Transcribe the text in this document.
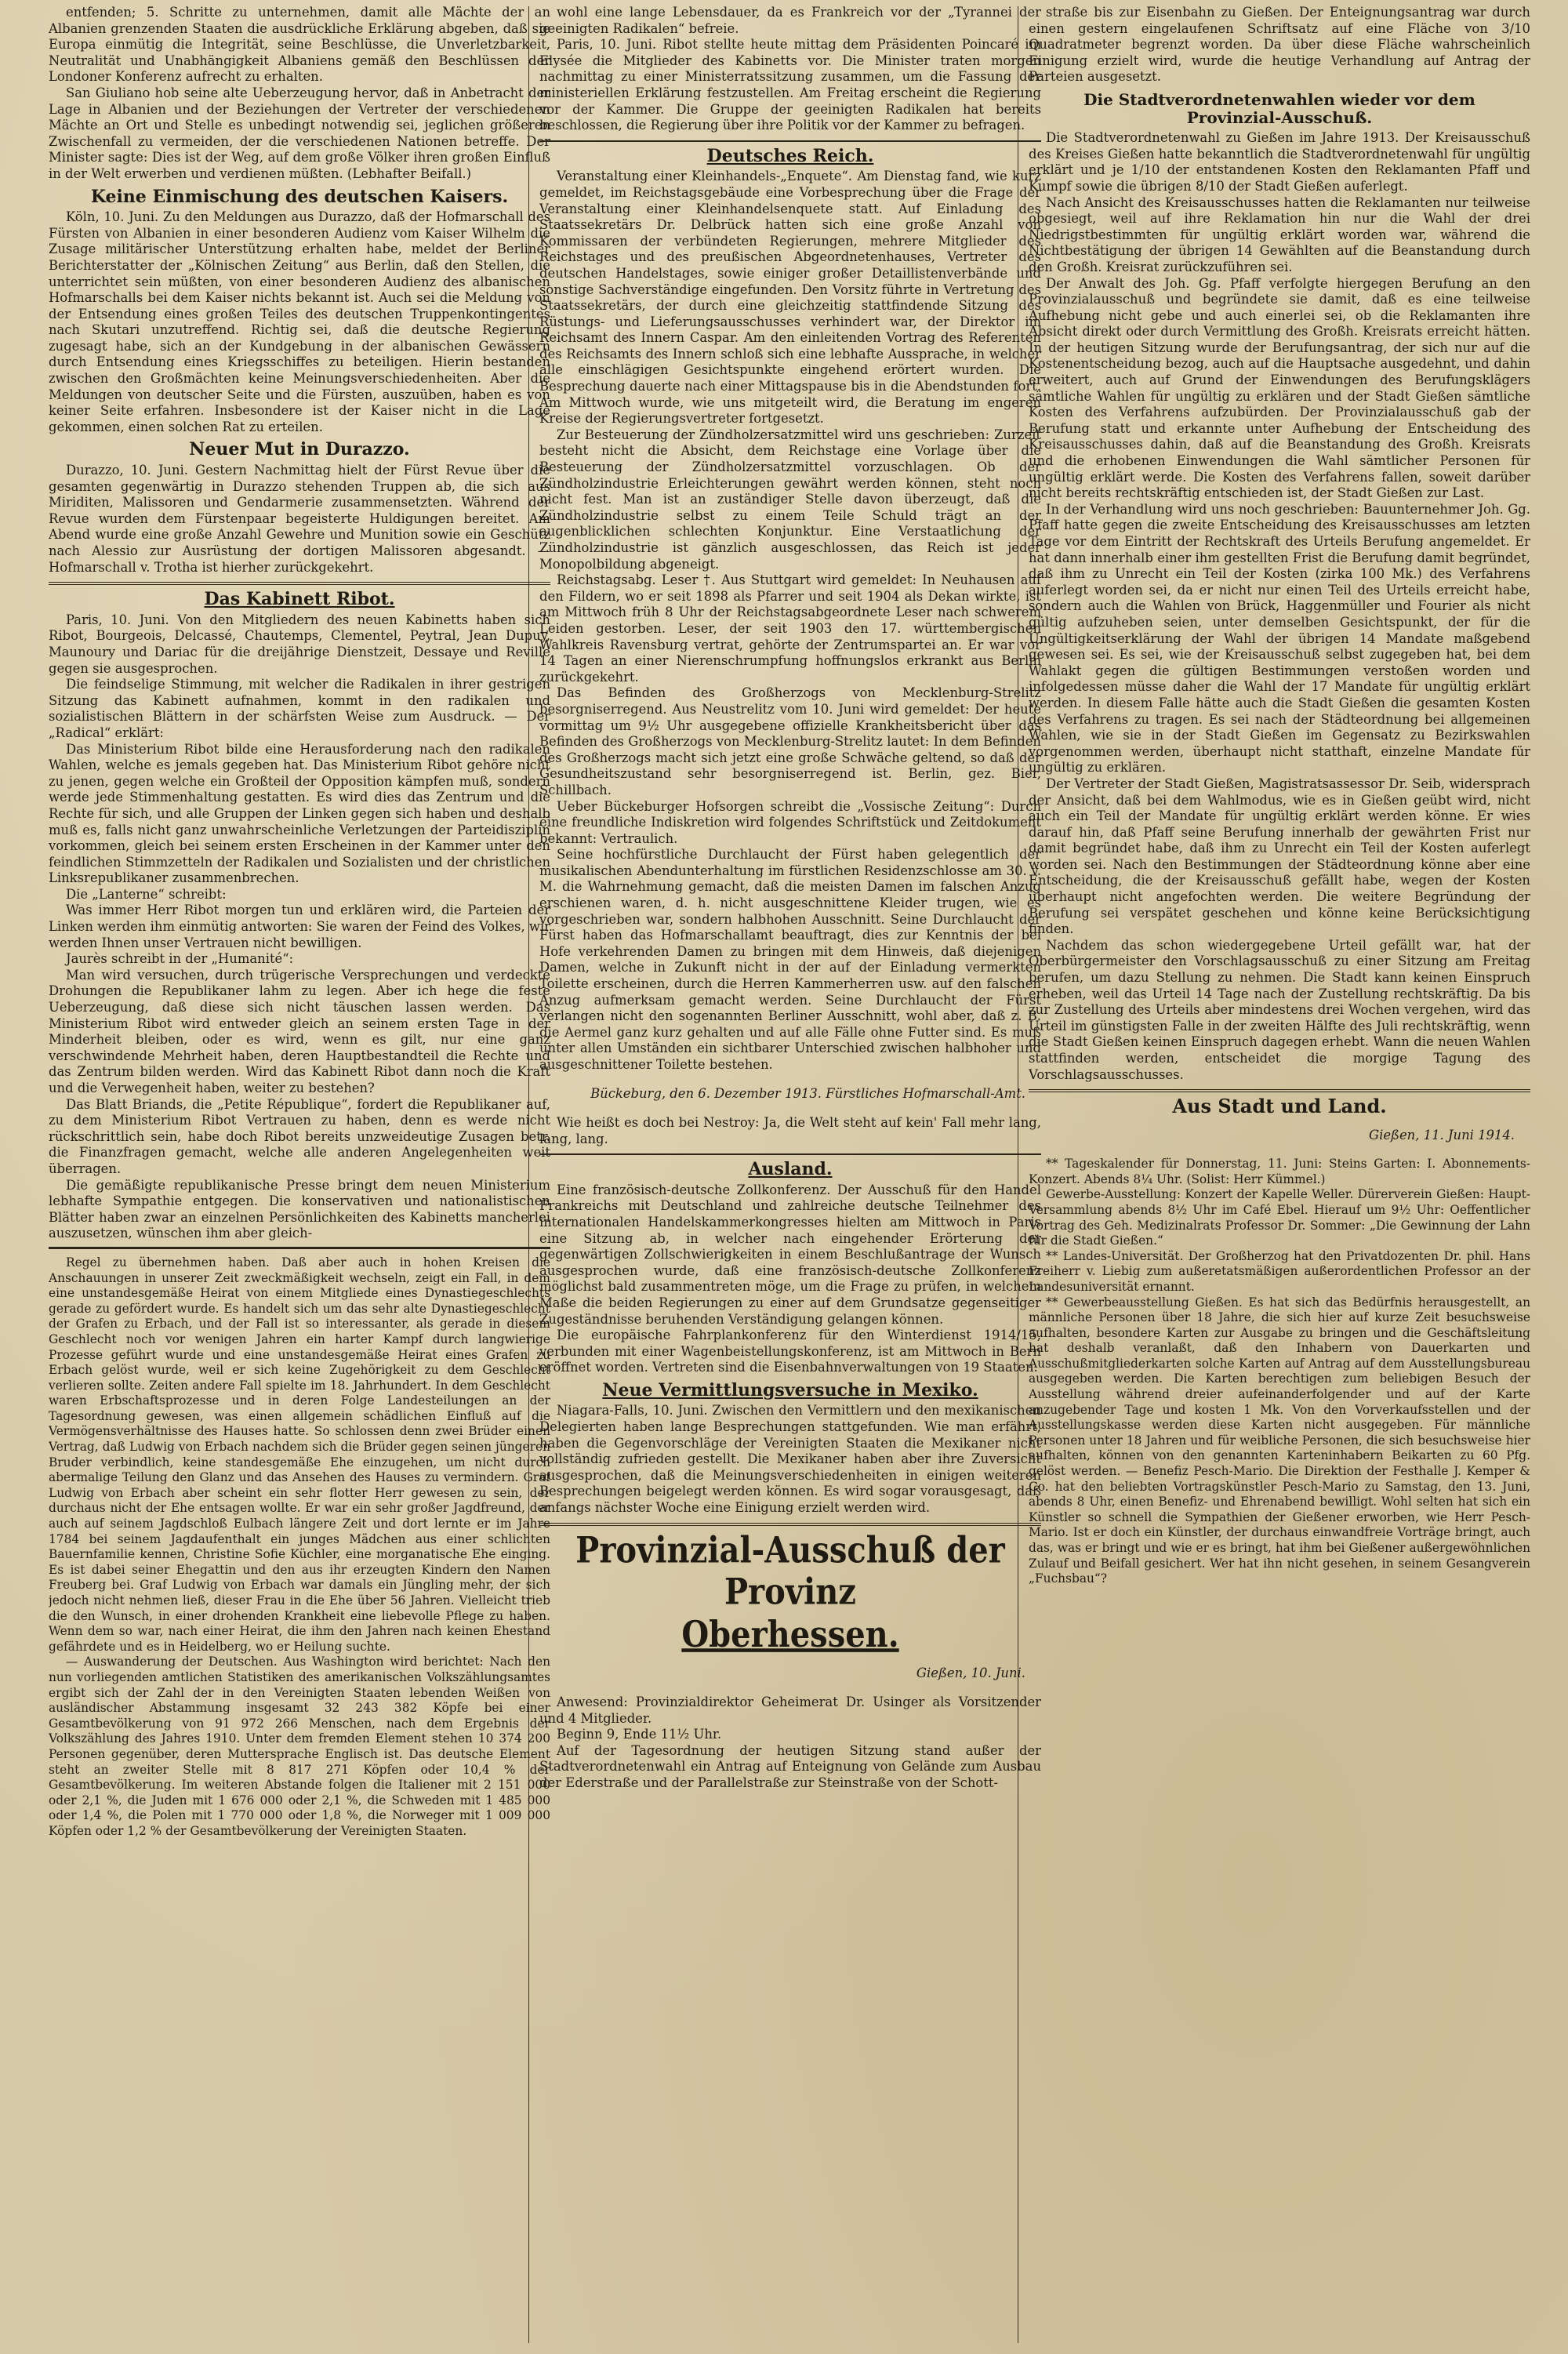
entfenden; 5. Schritte zu unternehmen, damit alle Mächte der an Albanien grenzenden Staaten die ausdrückliche Erklärung abgeben, daß sie Europa einmütig die Integrität, seine Beschlüsse, die Unverletzbarkeit, Neutralität und Unabhängigkeit Albaniens gemäß den Beschlüssen der Londoner Konferenz aufrecht zu erhalten.

San Giuliano hob seine alte Ueberzeugung hervor, daß in Anbetracht der Lage in Albanien und der Beziehungen der Vertreter der verschiedenen Mächte an Ort und Stelle es unbedingt notwendig sei, jeglichen größeren Zwischenfall zu vermeiden, der die verschiedenen Nationen betreffe. Der Minister sagte: Dies ist der Weg, auf dem große Völker ihren großen Einfluß in der Welt erwerben und verdienen müßten. (Lebhafter Beifall.)

Keine Einmischung des deutschen Kaisers.

Köln, 10. Juni. Zu den Meldungen aus Durazzo, daß der Hofmarschall des Fürsten von Albanien in einer besonderen Audienz vom Kaiser Wilhelm die Zusage militärischer Unterstützung erhalten habe, meldet der Berliner Berichterstatter der „Kölnischen Zeitung“ aus Berlin, daß den Stellen, die unterrichtet sein müßten, von einer besonderen Audienz des albanischen Hofmarschalls bei dem Kaiser nichts bekannt ist. Auch sei die Meldung von der Entsendung eines großen Teiles des deutschen Truppenkontingentes nach Skutari unzutreffend. Richtig sei, daß die deutsche Regierung zugesagt habe, sich an der Kundgebung in der albanischen Gewässern durch Entsendung eines Kriegsschiffes zu beteiligen. Hierin bestanden zwischen den Großmächten keine Meinungsverschiedenheiten. Aber die Meldungen von deutscher Seite und die Fürsten, auszuüben, haben es von keiner Seite erfahren. Insbesondere ist der Kaiser nicht in die Lage gekommen, einen solchen Rat zu erteilen.

Neuer Mut in Durazzo.

Durazzo, 10. Juni. Gestern Nachmittag hielt der Fürst Revue über die gesamten gegenwärtig in Durazzo stehenden Truppen ab, die sich aus Miriditen, Malissoren und Gendarmerie zusammensetzten. Während der Revue wurden dem Fürstenpaar begeisterte Huldigungen bereitet. Am Abend wurde eine große Anzahl Gewehre und Munition sowie ein Geschütz nach Alessio zur Ausrüstung der dortigen Malissoren abgesandt. — Hofmarschall v. Trotha ist hierher zurückgekehrt.

Das Kabinett Ribot.

Paris, 10. Juni. Von den Mitgliedern des neuen Kabinetts haben sich Ribot, Bourgeois, Delcassé, Chautemps, Clementel, Peytral, Jean Dupuy, Maunoury und Dariac für die dreijährige Dienstzeit, Dessaye und Reville gegen sie ausgesprochen.

Die feindselige Stimmung, mit welcher die Radikalen in ihrer gestrigen Sitzung das Kabinett aufnahmen, kommt in den radikalen und sozialistischen Blättern in der schärfsten Weise zum Ausdruck. — Der „Radical“ erklärt:

Das Ministerium Ribot bilde eine Herausforderung nach den radikalen Wahlen, welche es jemals gegeben hat. Das Ministerium Ribot gehöre nicht zu jenen, gegen welche ein Großteil der Opposition kämpfen muß, sondern werde jede Stimmenhaltung gestatten. Es wird dies das Zentrum und die Rechte für sich, und alle Gruppen der Linken gegen sich haben und deshalb muß es, falls nicht ganz unwahrscheinliche Verletzungen der Parteidisziplin vorkommen, gleich bei seinem ersten Erscheinen in der Kammer unter den feindlichen Stimmzetteln der Radikalen und Sozialisten und der christlichen Linksrepublikaner zusammenbrechen.

Die „Lanterne“ schreibt:

Was immer Herr Ribot morgen tun und erklären wird, die Parteien der Linken werden ihm einmütig antworten: Sie waren der Feind des Volkes, wir werden Ihnen unser Vertrauen nicht bewilligen.

Jaurès schreibt in der „Humanité“:

Man wird versuchen, durch trügerische Versprechungen und verdeckte Drohungen die Republikaner lahm zu legen. Aber ich hege die feste Ueberzeugung, daß diese sich nicht täuschen lassen werden. Das Ministerium Ribot wird entweder gleich an seinem ersten Tage in der Minderheit bleiben, oder es wird, wenn es gilt, nur eine ganz verschwindende Mehrheit haben, deren Hauptbestandteil die Rechte und das Zentrum bilden werden. Wird das Kabinett Ribot dann noch die Kraft und die Verwegenheit haben, weiter zu bestehen?

Das Blatt Briands, die „Petite République“, fordert die Republikaner auf, zu dem Ministerium Ribot Vertrauen zu haben, denn es werde nicht rückschrittlich sein, habe doch Ribot bereits unzweideutige Zusagen betr. die Finanzfragen gemacht, welche alle anderen Angelegenheiten weit überragen.

Die gemäßigte republikanische Presse bringt dem neuen Ministerium lebhafte Sympathie entgegen. Die konservativen und nationalistischen Blätter haben zwar an einzelnen Persönlichkeiten des Kabinetts mancherlei auszusetzen, wünschen ihm aber gleich-

Regel zu übernehmen haben. Daß aber auch in hohen Kreisen die Anschauungen in unserer Zeit zweckmäßigkeit wechseln, zeigt ein Fall, in dem eine unstandesgemäße Heirat von einem Mitgliede eines Dynastiegeschlechts gerade zu gefördert wurde. Es handelt sich um das sehr alte Dynastiegeschlecht der Grafen zu Erbach, und der Fall ist so interessanter, als gerade in diesem Geschlecht noch vor wenigen Jahren ein harter Kampf durch langwierige Prozesse geführt wurde und eine unstandesgemäße Heirat eines Grafen zu Erbach gelöst wurde, weil er sich keine Zugehörigkeit zu dem Geschlecht verlieren sollte. Zeiten andere Fall spielte im 18. Jahrhundert. In dem Geschlecht waren Erbschaftsprozesse und in deren Folge Landesteilungen an der Tagesordnung gewesen, was einen allgemein schädlichen Einfluß auf die Vermögensverhältnisse des Hauses hatte. So schlossen denn zwei Brüder einen Vertrag, daß Ludwig von Erbach nachdem sich die Brüder gegen seinen jüngeren Bruder verbindlich, keine standesgemäße Ehe einzugehen, um nicht durch abermalige Teilung den Glanz und das Ansehen des Hauses zu vermindern. Graf Ludwig von Erbach aber scheint ein sehr flotter Herr gewesen zu sein, der durchaus nicht der Ehe entsagen wollte. Er war ein sehr großer Jagdfreund, der auch auf seinem Jagdschloß Eulbach längere Zeit und dort lernte er im Jahre 1784 bei seinem Jagdaufenthalt ein junges Mädchen aus einer schlichten Bauernfamilie kennen, Christine Sofie Küchler, eine morganatische Ehe einging. Es ist dabei seiner Ehegattin und den aus ihr erzeugten Kindern den Namen Freuberg bei. Graf Ludwig von Erbach war damals ein Jüngling mehr, der sich jedoch nicht nehmen ließ, dieser Frau in die Ehe über 56 Jahren. Vielleicht trieb die den Wunsch, in einer drohenden Krankheit eine liebevolle Pflege zu haben. Wenn dem so war, nach einer Heirat, die ihm den Jahren nach keinen Ehestand gefährdete und es in Heidelberg, wo er Heilung suchte.

— Auswanderung der Deutschen. Aus Washington wird berichtet: Nach den nun vorliegenden amtlichen Statistiken des amerikanischen Volkszählungsamtes ergibt sich der Zahl der in den Vereinigten Staaten lebenden Weißen von ausländischer Abstammung insgesamt 32 243 382 Köpfe bei einer Gesamtbevölkerung von 91 972 266 Menschen, nach dem Ergebnis der Volkszählung des Jahres 1910. Unter dem fremden Element stehen 10 374 200 Personen gegenüber, deren Muttersprache Englisch ist. Das deutsche Element steht an zweiter Stelle mit 8 817 271 Köpfen oder 10,4 % der Gesamtbevölkerung. Im weiteren Abstande folgen die Italiener mit 2 151 000 oder 2,1 %, die Juden mit 1 676 000 oder 2,1 %, die Schweden mit 1 485 000 oder 1,4 %, die Polen mit 1 770 000 oder 1,8 %, die Norweger mit 1 009 000 Köpfen oder 1,2 % der Gesamtbevölkerung der Vereinigten Staaten.

wohl eine lange Lebensdauer, da es Frankreich vor der „Tyrannei der geeinigten Radikalen“ befreie.

Paris, 10. Juni. Ribot stellte heute mittag dem Präsidenten Poincaré im Elysée die Mitglieder des Kabinetts vor. Die Minister traten morgen nachmittag zu einer Ministerratssitzung zusammen, um die Fassung der ministeriellen Erklärung festzustellen. Am Freitag erscheint die Regierung vor der Kammer. Die Gruppe der geeinigten Radikalen hat bereits beschlossen, die Regierung über ihre Politik vor der Kammer zu befragen.

Deutsches Reich.

Veranstaltung einer Kleinhandels-„Enquete“. Am Dienstag fand, wie kurz gemeldet, im Reichstagsgebäude eine Vorbesprechung über die Frage der Veranstaltung einer Kleinhandelsenquete statt. Auf Einladung des Staatssekretärs Dr. Delbrück hatten sich eine große Anzahl von Kommissaren der verbündeten Regierungen, mehrere Mitglieder des Reichstages und des preußischen Abgeordnetenhauses, Vertreter des deutschen Handelstages, sowie einiger großer Detaillistenverbände und sonstige Sachverständige eingefunden. Den Vorsitz führte in Vertretung des Staatssekretärs, der durch eine gleichzeitig stattfindende Sitzung des Rüstungs- und Lieferungsausschusses verhindert war, der Direktor im Reichsamt des Innern Caspar. Am den einleitenden Vortrag des Referenten des Reichsamts des Innern schloß sich eine lebhafte Aussprache, in welcher alle einschlägigen Gesichtspunkte eingehend erörtert wurden. Die Besprechung dauerte nach einer Mittagspause bis in die Abendstunden fort. Am Mittwoch wurde, wie uns mitgeteilt wird, die Beratung im engeren Kreise der Regierungsvertreter fortgesetzt.

Zur Besteuerung der Zündholzersatzmittel wird uns geschrieben: Zurzeit besteht nicht die Absicht, dem Reichstage eine Vorlage über die Besteuerung der Zündholzersatzmittel vorzuschlagen. Ob der Zündholzindustrie Erleichterungen gewährt werden können, steht noch nicht fest. Man ist an zuständiger Stelle davon überzeugt, daß die Zündholzindustrie selbst zu einem Teile Schuld trägt an der augenblicklichen schlechten Konjunktur. Eine Verstaatlichung der Zündholzindustrie ist gänzlich ausgeschlossen, das Reich ist jeder Monopolbildung abgeneigt.

Reichstagsabg. Leser †. Aus Stuttgart wird gemeldet: In Neuhausen auf den Fildern, wo er seit 1898 als Pfarrer und seit 1904 als Dekan wirkte, ist am Mittwoch früh 8 Uhr der Reichstagsabgeordnete Leser nach schwerem Leiden gestorben. Leser, der seit 1903 den 17. württembergischen Wahlkreis Ravensburg vertrat, gehörte der Zentrumspartei an. Er war vor 14 Tagen an einer Nierenschrumpfung hoffnungslos erkrankt aus Berlin zurückgekehrt.

Das Befinden des Großherzogs von Mecklenburg-Strelitz besorgniserregend. Aus Neustrelitz vom 10. Juni wird gemeldet: Der heute vormittag um 9½ Uhr ausgegebene offizielle Krankheitsbericht über das Befinden des Großherzogs von Mecklenburg-Strelitz lautet: In dem Befinden des Großherzogs macht sich jetzt eine große Schwäche geltend, so daß der Gesundheitszustand sehr besorgniserregend ist. Berlin, gez. Bier, Schillbach.

Ueber Bückeburger Hofsorgen schreibt die „Vossische Zeitung“: Durch eine freundliche Indiskretion wird folgendes Schriftstück und Zeitdokument bekannt: Vertraulich.

Seine hochfürstliche Durchlaucht der Fürst haben gelegentlich der musikalischen Abendunterhaltung im fürstlichen Residenzschlosse am 30. v. M. die Wahrnehmung gemacht, daß die meisten Damen im falschen Anzug erschienen waren, d. h. nicht ausgeschnittene Kleider trugen, wie es vorgeschrieben war, sondern halbhohen Ausschnitt. Seine Durchlaucht der Fürst haben das Hofmarschallamt beauftragt, dies zur Kenntnis der bei Hofe verkehrenden Damen zu bringen mit dem Hinweis, daß diejenigen Damen, welche in Zukunft nicht in der auf der Einladung vermerkten Toilette erscheinen, durch die Herren Kammerherren usw. auf den falschen Anzug aufmerksam gemacht werden. Seine Durchlaucht der Fürst verlangen nicht den sogenannten Berliner Ausschnitt, wohl aber, daß z. B. die Aermel ganz kurz gehalten und auf alle Fälle ohne Futter sind. Es muß unter allen Umständen ein sichtbarer Unterschied zwischen halbhoher und ausgeschnittener Toilette bestehen.

Bückeburg, den 6. Dezember 1913. Fürstliches Hofmarschall-Amt.

Wie heißt es doch bei Nestroy: Ja, die Welt steht auf kein' Fall mehr lang, lang, lang.

Ausland.

Eine französisch-deutsche Zollkonferenz. Der Ausschuß für den Handel Frankreichs mit Deutschland und zahlreiche deutsche Teilnehmer des internationalen Handelskammerkongresses hielten am Mittwoch in Paris eine Sitzung ab, in welcher nach eingehender Erörterung der gegenwärtigen Zollschwierigkeiten in einem Beschlußantrage der Wunsch ausgesprochen wurde, daß eine französisch-deutsche Zollkonferenz möglichst bald zusammentreten möge, um die Frage zu prüfen, in welchem Maße die beiden Regierungen zu einer auf dem Grundsatze gegenseitiger Zugeständnisse beruhenden Verständigung gelangen können.

Die europäische Fahrplankonferenz für den Winterdienst 1914/15, verbunden mit einer Wagenbeistellungskonferenz, ist am Mittwoch in Bern eröffnet worden. Vertreten sind die Eisenbahnverwaltungen von 19 Staaten.

Neue Vermittlungsversuche in Mexiko.

Niagara-Falls, 10. Juni. Zwischen den Vermittlern und den mexikanischen Delegierten haben lange Besprechungen stattgefunden. Wie man erfährt, haben die Gegenvorschläge der Vereinigten Staaten die Mexikaner nicht vollständig zufrieden gestellt. Die Mexikaner haben aber ihre Zuversicht ausgesprochen, daß die Meinungsverschiedenheiten in einigen weiteren Besprechungen beigelegt werden können. Es wird sogar vorausgesagt, daß anfangs nächster Woche eine Einigung erzielt werden wird.

Provinzial-Ausschuß der Provinz
Oberhessen.

Gießen, 10. Juni.

Anwesend: Provinzialdirektor Geheimerat Dr. Usinger als Vorsitzender und 4 Mitglieder.

Beginn 9, Ende 11½ Uhr.

Auf der Tagesordnung der heutigen Sitzung stand außer der Stadtverordnetenwahl ein Antrag auf Enteignung von Gelände zum Ausbau der Ederstraße und der Parallelstraße zur Steinstraße von der Schott-

straße bis zur Eisenbahn zu Gießen. Der Enteignungsantrag war durch einen gestern eingelaufenen Schriftsatz auf eine Fläche von 3/10 Quadratmeter begrenzt worden. Da über diese Fläche wahrscheinlich Einigung erzielt wird, wurde die heutige Verhandlung auf Antrag der Parteien ausgesetzt.

Die Stadtverordnetenwahlen wieder vor dem
Provinzial-Ausschuß.

Die Stadtverordnetenwahl zu Gießen im Jahre 1913. Der Kreisausschuß des Kreises Gießen hatte bekanntlich die Stadtverordnetenwahl für ungültig erklärt und je 1/10 der entstandenen Kosten den Reklamanten Pfaff und Kumpf sowie die übrigen 8/10 der Stadt Gießen auferlegt.

Nach Ansicht des Kreisausschusses hatten die Reklamanten nur teilweise obgesiegt, weil auf ihre Reklamation hin nur die Wahl der drei Niedrigstbestimmten für ungültig erklärt worden war, während die Nichtbestätigung der übrigen 14 Gewählten auf die Beanstandung durch den Großh. Kreisrat zurückzuführen sei.

Der Anwalt des Joh. Gg. Pfaff verfolgte hiergegen Berufung an den Provinzialausschuß und begründete sie damit, daß es eine teilweise Aufhebung nicht gebe und auch einerlei sei, ob die Reklamanten ihre Absicht direkt oder durch Vermittlung des Großh. Kreisrats erreicht hätten. In der heutigen Sitzung wurde der Berufungsantrag, der sich nur auf die Kostenentscheidung bezog, auch auf die Hauptsache ausgedehnt, und dahin erweitert, auch auf Grund der Einwendungen des Berufungsklägers sämtliche Wahlen für ungültig zu erklären und der Stadt Gießen sämtliche Kosten des Verfahrens aufzubürden. Der Provinzialausschuß gab der Berufung statt und erkannte unter Aufhebung der Entscheidung des Kreisausschusses dahin, daß auf die Beanstandung des Großh. Kreisrats und die erhobenen Einwendungen die Wahl sämtlicher Personen für ungültig erklärt werde. Die Kosten des Verfahrens fallen, soweit darüber nicht bereits rechtskräftig entschieden ist, der Stadt Gießen zur Last.

In der Verhandlung wird uns noch geschrieben: Bauunternehmer Joh. Gg. Pfaff hatte gegen die zweite Entscheidung des Kreisausschusses am letzten Tage vor dem Eintritt der Rechtskraft des Urteils Berufung angemeldet. Er hat dann innerhalb einer ihm gestellten Frist die Berufung damit begründet, daß ihm zu Unrecht ein Teil der Kosten (zirka 100 Mk.) des Verfahrens auferlegt worden sei, da er nicht nur einen Teil des Urteils erreicht habe, sondern auch die Wahlen von Brück, Haggenmüller und Fourier als nicht gültig aufzuheben seien, unter demselben Gesichtspunkt, der für die Ungültigkeitserklärung der Wahl der übrigen 14 Mandate maßgebend gewesen sei. Es sei, wie der Kreisausschuß selbst zugegeben hat, bei dem Wahlakt gegen die gültigen Bestimmungen verstoßen worden und infolgedessen müsse daher die Wahl der 17 Mandate für ungültig erklärt werden. In diesem Falle hätte auch die Stadt Gießen die gesamten Kosten des Verfahrens zu tragen. Es sei nach der Städteordnung bei allgemeinen Wahlen, wie sie in der Stadt Gießen im Gegensatz zu Bezirkswahlen vorgenommen werden, überhaupt nicht statthaft, einzelne Mandate für ungültig zu erklären.

Der Vertreter der Stadt Gießen, Magistratsassessor Dr. Seib, widersprach der Ansicht, daß bei dem Wahlmodus, wie es in Gießen geübt wird, nicht auch ein Teil der Mandate für ungültig erklärt werden könne. Er wies darauf hin, daß Pfaff seine Berufung innerhalb der gewährten Frist nur damit begründet habe, daß ihm zu Unrecht ein Teil der Kosten auferlegt worden sei. Nach den Bestimmungen der Städteordnung könne aber eine Entscheidung, die der Kreisausschuß gefällt habe, wegen der Kosten überhaupt nicht angefochten werden. Die weitere Begründung der Berufung sei verspätet geschehen und könne keine Berücksichtigung finden.

Nachdem das schon wiedergegebene Urteil gefällt war, hat der Oberbürgermeister den Vorschlagsausschuß zu einer Sitzung am Freitag berufen, um dazu Stellung zu nehmen. Die Stadt kann keinen Einspruch erheben, weil das Urteil 14 Tage nach der Zustellung rechtskräftig. Da bis zur Zustellung des Urteils aber mindestens drei Wochen vergehen, wird das Urteil im günstigsten Falle in der zweiten Hälfte des Juli rechtskräftig, wenn die Stadt Gießen keinen Einspruch dagegen erhebt. Wann die neuen Wahlen stattfinden werden, entscheidet die morgige Tagung des Vorschlagsausschusses.

Aus Stadt und Land.

Gießen, 11. Juni 1914.

** Tageskalender für Donnerstag, 11. Juni: Steins Garten: I. Abonnements-Konzert. Abends 8¼ Uhr. (Solist: Herr Kümmel.)

Gewerbe-Ausstellung: Konzert der Kapelle Weller. Dürerverein Gießen: Haupt-Versammlung abends 8½ Uhr im Café Ebel. Hierauf um 9½ Uhr: Oeffentlicher Vortrag des Geh. Medizinalrats Professor Dr. Sommer: „Die Gewinnung der Lahn für die Stadt Gießen.“

** Landes-Universität. Der Großherzog hat den Privatdozenten Dr. phil. Hans Freiherr v. Liebig zum außeretatsmäßigen außerordentlichen Professor an der Landesuniversität ernannt.

** Gewerbeausstellung Gießen. Es hat sich das Bedürfnis herausgestellt, an männliche Personen über 18 Jahre, die sich hier auf kurze Zeit besuchsweise aufhalten, besondere Karten zur Ausgabe zu bringen und die Geschäftsleitung hat deshalb veranlaßt, daß den Inhabern von Dauerkarten und Ausschußmitgliederkarten solche Karten auf Antrag auf dem Ausstellungsbureau ausgegeben werden. Die Karten berechtigen zum beliebigen Besuch der Ausstellung während dreier aufeinanderfolgender und auf der Karte anzugebender Tage und kosten 1 Mk. Von den Vorverkaufsstellen und der Ausstellungskasse werden diese Karten nicht ausgegeben. Für männliche Personen unter 18 Jahren und für weibliche Personen, die sich besuchsweise hier aufhalten, können von den genannten Karteninhabern Beikarten zu 60 Pfg. gelöst werden. — Benefiz Pesch-Mario. Die Direktion der Festhalle J. Kemper & Co. hat den beliebten Vortragskünstler Pesch-Mario zu Samstag, den 13. Juni, abends 8 Uhr, einen Benefiz- und Ehrenabend bewilligt. Wohl selten hat sich ein Künstler so schnell die Sympathien der Gießener erworben, wie Herr Pesch-Mario. Ist er doch ein Künstler, der durchaus einwandfreie Vorträge bringt, auch das, was er bringt und wie er es bringt, hat ihm bei Gießener außergewöhnlichen Zulauf und Beifall gesichert. Wer hat ihn nicht gesehen, in seinem Gesangverein „Fuchsbau“?
